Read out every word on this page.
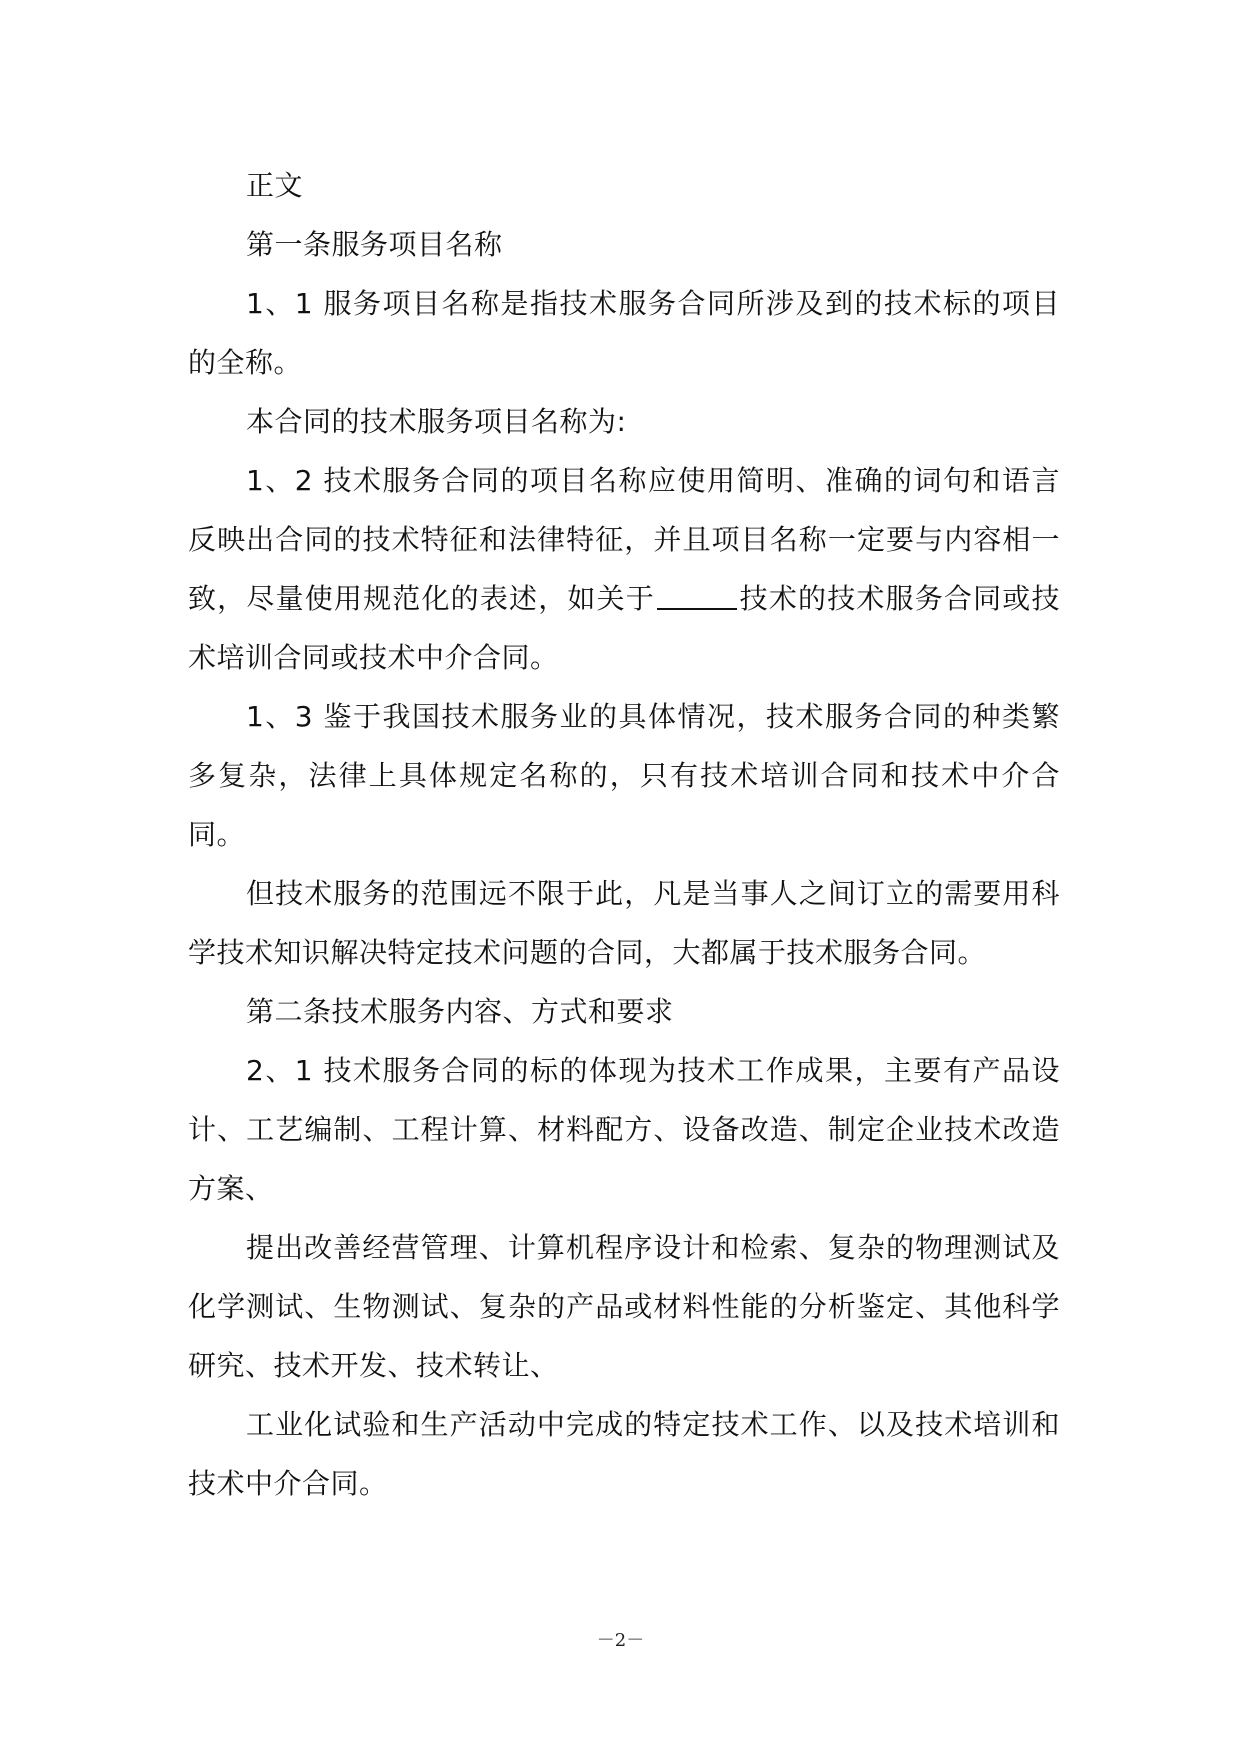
正文

第一条服务项目名称

1、1 服务项目名称是指技术服务合同所涉及到的技术标的项目的全称。

本合同的技术服务项目名称为:

1、2 技术服务合同的项目名称应使用简明、准确的词句和语言反映出合同的技术特征和法律特征，并且项目名称一定要与内容相一致，尽量使用规范化的表述，如关于	技术的技术服务合同或技术培训合同或技术中介合同。

1、3 鉴于我国技术服务业的具体情况，技术服务合同的种类繁多复杂，法律上具体规定名称的，只有技术培训合同和技术中介合同。

但技术服务的范围远不限于此，凡是当事人之间订立的需要用科学技术知识解决特定技术问题的合同，大都属于技术服务合同。

第二条技术服务内容、方式和要求

2、1 技术服务合同的标的体现为技术工作成果，主要有产品设计、工艺编制、工程计算、材料配方、设备改造、制定企业技术改造方案、

提出改善经营管理、计算机程序设计和检索、复杂的物理测试及化学测试、生物测试、复杂的产品或材料性能的分析鉴定、其他科学研究、技术开发、技术转让、

工业化试验和生产活动中完成的特定技术工作、以及技术培训和技术中介合同。

－2－
